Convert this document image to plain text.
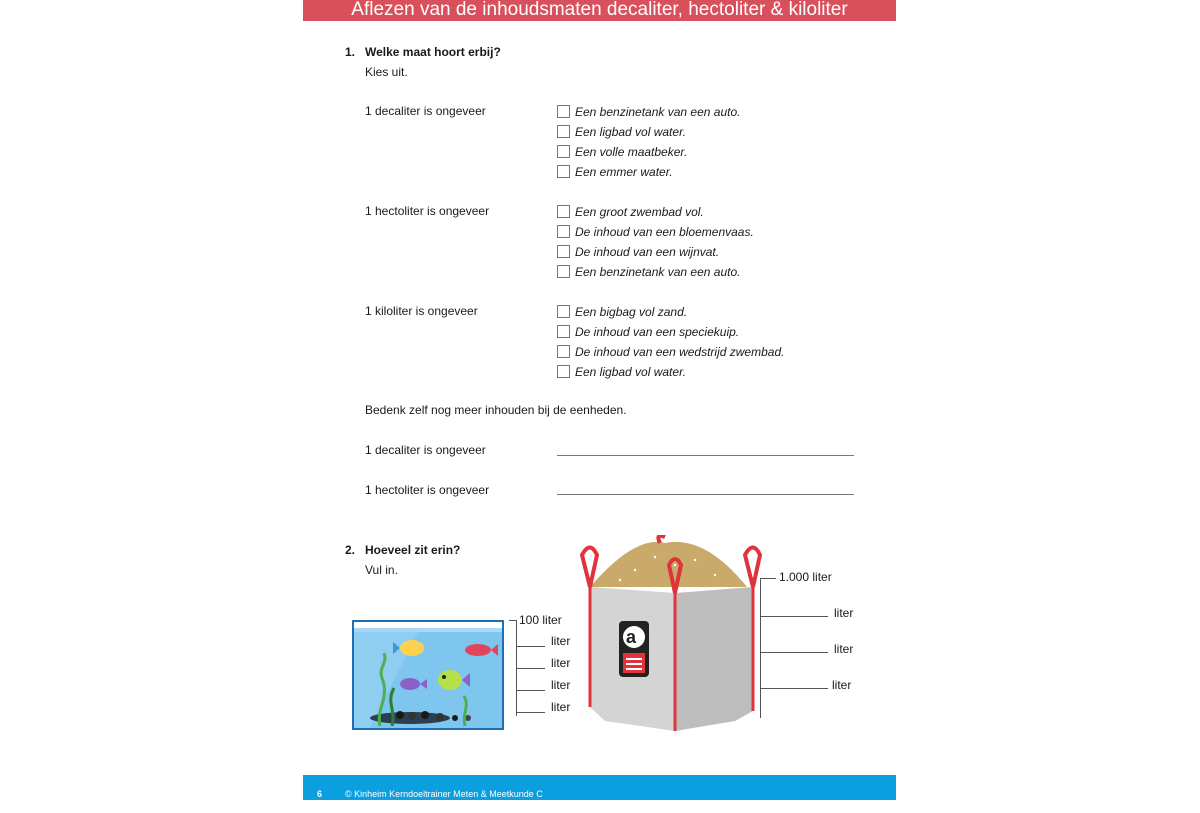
Aflezen van de inhoudsmaten decaliter, hectoliter & kiloliter
1. Welke maat hoort erbij?
Kies uit.
1 decaliter is ongeveer	Een benzinetank van een auto.
Een ligbad vol water.
Een volle maatbeker.
Een emmer water.
1 hectoliter is ongeveer	Een groot zwembad vol.
De inhoud van een bloemenvaas.
De inhoud van een wijnvat.
Een benzinetank van een auto.
1 kiloliter is ongeveer	Een bigbag vol zand.
De inhoud van een speciekuip.
De inhoud van een wedstrijd zwembad.
Een ligbad vol water.
Bedenk zelf nog meer inhouden bij de eenheden.
1 decaliter is ongeveer
1 hectoliter is ongeveer
2. Hoeveel zit erin?
Vul in.
100 liter
liter
liter
liter
liter
a
1.000 liter
liter
liter
liter
6	© Kinheim Kerndoeltrainer Meten & Meetkunde C
